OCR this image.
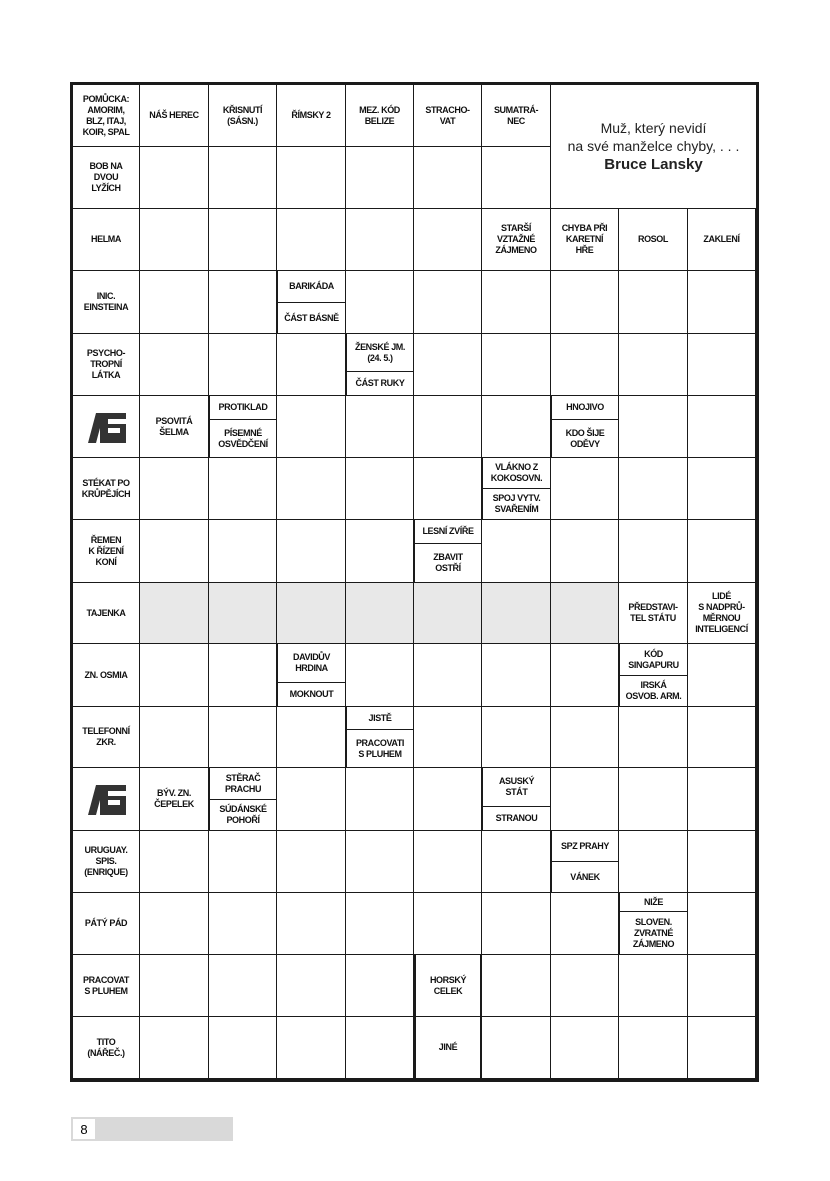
POMŮCKA:
AMORIM,
BLZ, ITAJ,
KOIR, SPAL
NÁŠ HEREC
KŘISNUTÍ
(SÁSN.)
ŘÍMSKY 2
MEZ. KÓD
BELIZE
STRACHO-
VAT
SUMATRÁ-
NEC	Muž, který nevidí
na své manželce chyby, . . .
Bruce Lansky
BOB NA
DVOU
LYŽÍCH
HELMA
INIC.
EINSTEINA
PSYCHO-
TROPNÍ
LÁTKA
STÉKAT PO
KRŮPĚJÍCH
ŘEMEN
K ŘÍZENÍ
KONÍ
TAJENKA
ZN. OSMIA
TELEFONNÍ
ZKR.
URUGUAY.
SPIS.
(ENRIQUE)
PÁTÝ PÁD
PRACOVAT
S PLUHEM
TITO
(NÁŘEČ.)
STARŠÍ
VZTAŽNÉ
ZÁJMENO
CHYBA PŘI
KARETNÍ
HŘE
ROSOL	ZAKLENÍ
PSOVITÁ
ŠELMA
BÝV. ZN.
ČEPELEK
PŘEDSTAVI-
TEL STÁTU
LIDÉ
S NADPRŮ-
MĚRNOU
INTELIGENCÍ
HORSKÝ
CELEK
JINÉ
BARIKÁDA
ČÁST BÁSNĚ
ŽENSKÉ JM.
(24. 5.)
ČÁST RUKY
PROTIKLAD
PÍSEMNÉ
OSVĚDČENÍ
HNOJIVO
KDO ŠIJE
ODĚVY
VLÁKNO Z
KOKOSOVN.
SPOJ VYTV.
SVAŘENÍM
LESNÍ ZVÍŘE
ZBAVIT
OSTŘÍ
DAVIDŮV
HRDINA
MOKNOUT
KÓD
SINGAPURU
IRSKÁ
OSVOB. ARM.
JISTĚ
PRACOVATI
S PLUHEM
STĚRAČ
PRACHU
SÚDÁNSKÉ
POHOŘÍ
ASUSKÝ
STÁT
STRANOU
SPZ PRAHY
VÁNEK
NIŽE
SLOVEN.
ZVRATNÉ
ZÁJMENO
8
